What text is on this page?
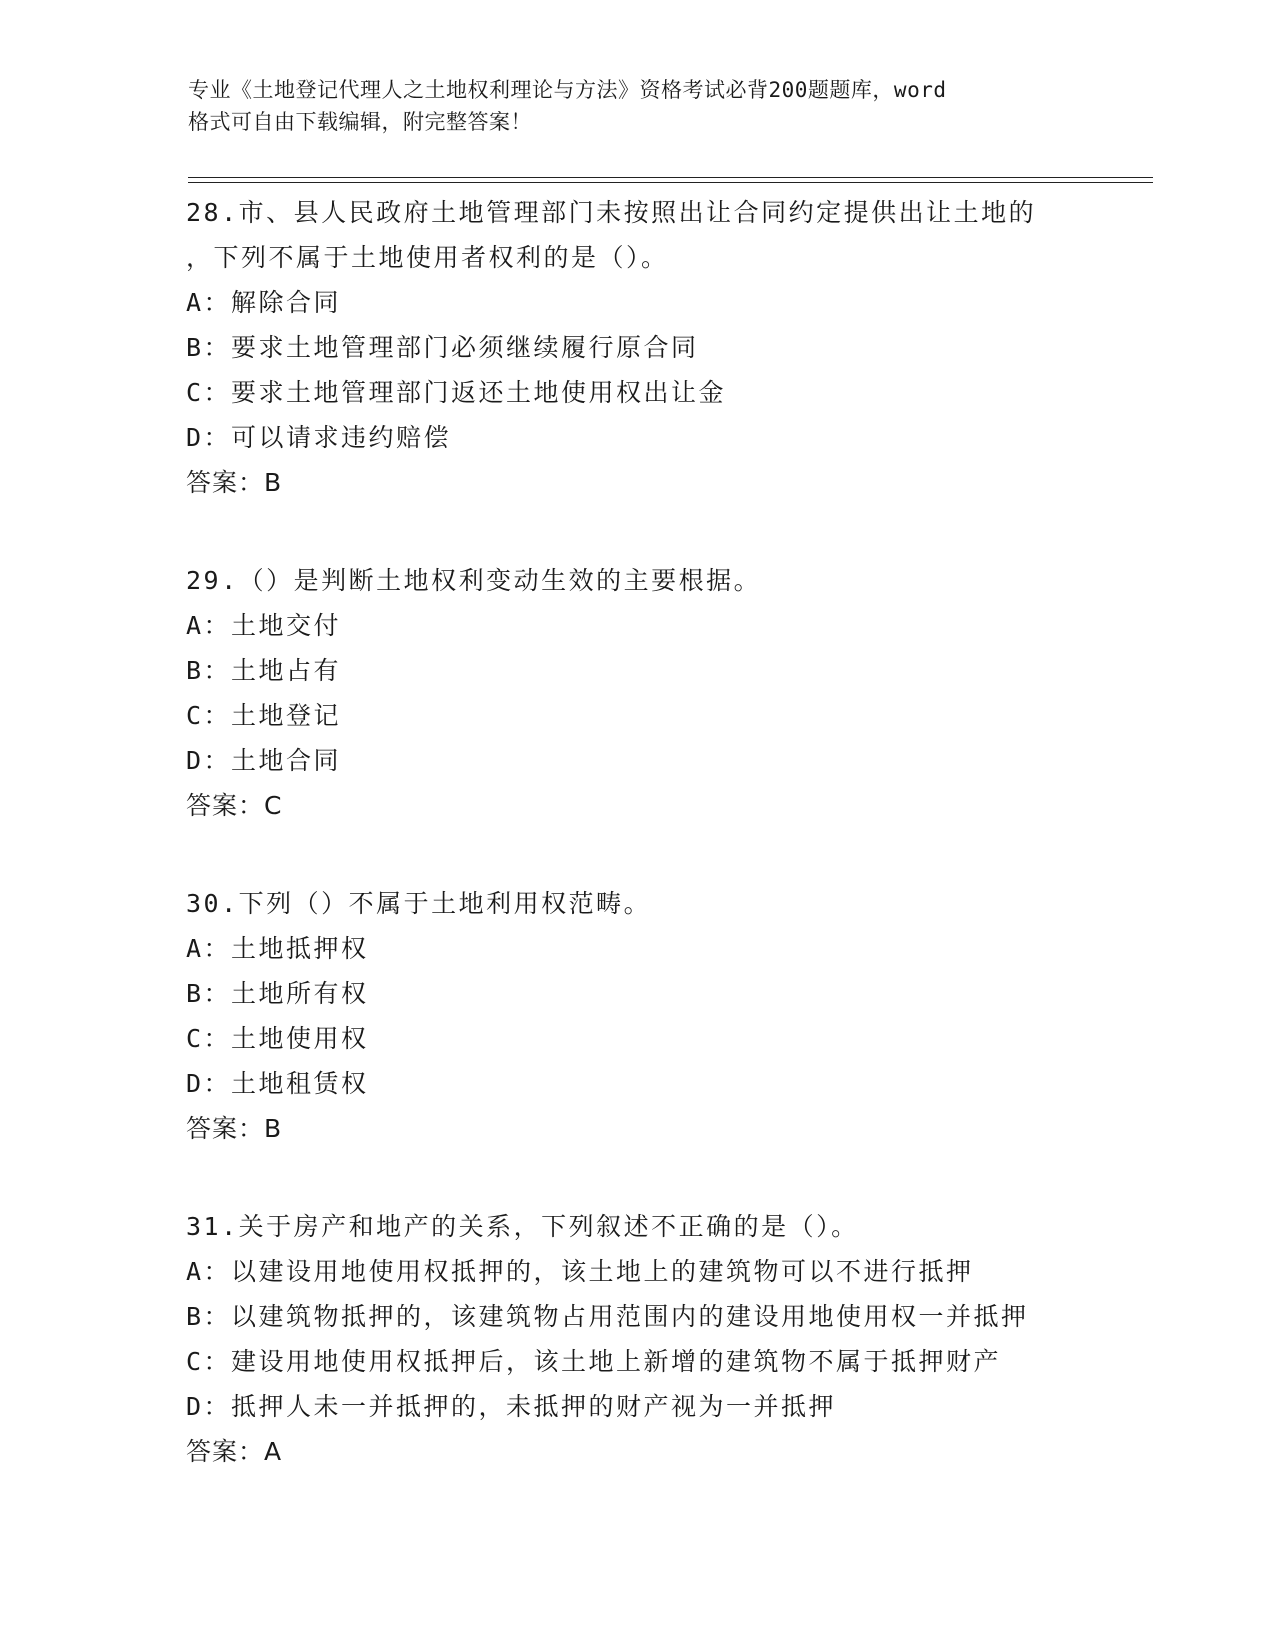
专业《土地登记代理人之土地权利理论与方法》资格考试必背200题题库，word
格式可自由下载编辑，附完整答案！
28.市、县人民政府土地管理部门未按照出让合同约定提供出让土地的
，下列不属于土地使用者权利的是（）。
A：解除合同
B：要求土地管理部门必须继续履行原合同
C：要求土地管理部门返还土地使用权出让金
D：可以请求违约赔偿
答案：B
29.（）是判断土地权利变动生效的主要根据。
A：土地交付
B：土地占有
C：土地登记
D：土地合同
答案：C
30.下列（）不属于土地利用权范畴。
A：土地抵押权
B：土地所有权
C：土地使用权
D：土地租赁权
答案：B
31.关于房产和地产的关系，下列叙述不正确的是（）。
A：以建设用地使用权抵押的，该土地上的建筑物可以不进行抵押
B：以建筑物抵押的，该建筑物占用范围内的建设用地使用权一并抵押
C：建设用地使用权抵押后，该土地上新增的建筑物不属于抵押财产
D：抵押人未一并抵押的，未抵押的财产视为一并抵押
答案：A
